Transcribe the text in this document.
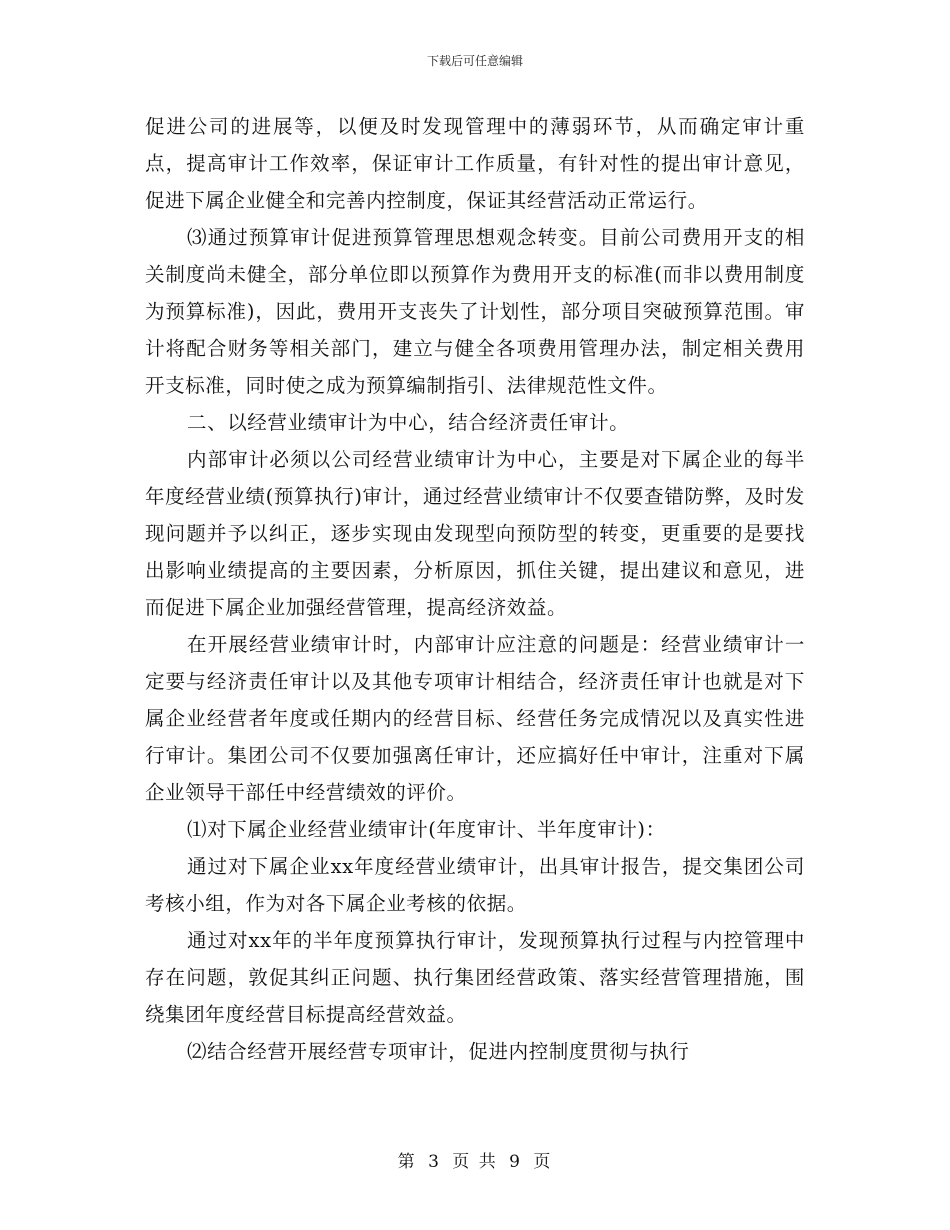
下载后可任意编辑

促进公司的进展等，以便及时发现管理中的薄弱环节，从而确定审计重点，提高审计工作效率，保证审计工作质量，有针对性的提出审计意见，促进下属企业健全和完善内控制度，保证其经营活动正常运行。

⑶通过预算审计促进预算管理思想观念转变。目前公司费用开支的相关制度尚未健全，部分单位即以预算作为费用开支的标准(而非以费用制度为预算标准)，因此，费用开支丧失了计划性，部分项目突破预算范围。审计将配合财务等相关部门，建立与健全各项费用管理办法，制定相关费用开支标准，同时使之成为预算编制指引、法律规范性文件。

二、以经营业绩审计为中心，结合经济责任审计。

内部审计必须以公司经营业绩审计为中心，主要是对下属企业的每半年度经营业绩(预算执行)审计，通过经营业绩审计不仅要查错防弊，及时发现问题并予以纠正，逐步实现由发现型向预防型的转变，更重要的是要找出影响业绩提高的主要因素，分析原因，抓住关键，提出建议和意见，进而促进下属企业加强经营管理，提高经济效益。

在开展经营业绩审计时，内部审计应注意的问题是：经营业绩审计一定要与经济责任审计以及其他专项审计相结合，经济责任审计也就是对下属企业经营者年度或任期内的经营目标、经营任务完成情况以及真实性进行审计。集团公司不仅要加强离任审计，还应搞好任中审计，注重对下属企业领导干部任中经营绩效的评价。

⑴对下属企业经营业绩审计(年度审计、半年度审计)：

通过对下属企业xx年度经营业绩审计，出具审计报告，提交集团公司考核小组，作为对各下属企业考核的依据。

通过对xx年的半年度预算执行审计，发现预算执行过程与内控管理中存在问题，敦促其纠正问题、执行集团经营政策、落实经营管理措施，围绕集团年度经营目标提高经营效益。

⑵结合经营开展经营专项审计，促进内控制度贯彻与执行

第 3 页 共 9 页
